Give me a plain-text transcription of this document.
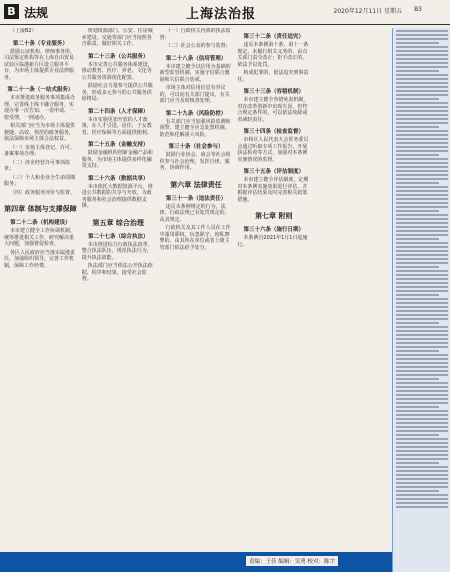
B 法规	上海法治报	2020年12月11日 星期五 B3
（上接B2）
第二十条（专业服务）
鼓励公证机构、律师事务所、司法鉴定机构等在上海自由贸易试验区临港新片区设立服务平台，为市场主体提供专业法律服务。
第二十一条（一站式服务）
本市推进政务服务事项集成办理，完善线上线下融合服务，实现办事一次告知、一表申请、一窗受理、一网通办。
相关部门应当为市场主体提供便捷、高效、规范的政务服务，依法保障市场主体合法权益。
（一）市场主体登记、许可、备案事项办理；
（二）涉企经营许可事项改革；
（三）个人和企业全生命周期服务；
（四）政务服务评价与监督。
第四章 体制与支撑保障
第二十二条（机构建设）
本市建立健全工作协调机制，统筹推进相关工作，研究解决重大问题，加强督促检查。
各区人民政府应当落实属地责任，加强组织领导，完善工作机制，保障工作经费。
规划资源部门、公安、住房城乡建设、交通等部门应当按照各自职责，做好相关工作。
第二十三条（公共服务）
本市完善公共服务体系建设，推动教育、医疗、养老、文化等公共服务资源优化配置。
鼓励社会力量参与提供公共服务，形成多元参与的公共服务供给格局。
第二十四条（人才保障）
本市实施更加开放的人才政策，在人才引进、居住、子女教育、医疗保障等方面提供便利。
第二十五条（金融支持）
鼓励金融机构创新金融产品和服务，为市场主体提供多样化融资支持。
第二十六条（数据共享）
本市依托大数据资源平台，推进公共数据的共享与开放，为政务服务和社会治理提供数据支撑。
第五章 综合治理
第二十七条（综合执法）
本市推进综合行政执法改革，整合执法队伍，规范执法行为，提升执法效能。
执法部门应当依法公开执法依据、程序和结果，接受社会监督。
（一）行政机关内部的执法监督；
（二）社会公众的参与监督；
第二十八条（信用管理）
本市建立健全以信用为基础的新型监管机制，实施守信联合激励和失信联合惩戒。
市场主体对信用信息有异议的，可以向有关部门提出，有关部门应当及时核查处理。
第二十九条（风险防控）
有关部门应当加强风险监测和预警，建立健全应急处置机制，防范和化解重大风险。
第三十条（社会参与）
鼓励行业协会、商会等社会组织参与社会治理，发挥自律、服务、协调作用。
第六章 法律责任
第三十一条（违法责任）
违反本条例规定的行为，法律、行政法规已有处罚规定的，从其规定。
行政机关及其工作人员在工作中滥用职权、玩忽职守、徇私舞弊的，由其所在单位或者上级主管部门依法给予处分。
第三十二条（责任追究）
违反本条例第十条、第十一条规定，未履行相关义务的，由有关部门责令改正；拒不改正的，依法予以处罚。
构成犯罪的，依法追究刑事责任。
第三十三条（容错机制）
本市建立健全容错免责机制，对在改革创新中出现失误，但符合规定条件的，可以依法免除或者减轻责任。
第三十四条（检查监督）
市和区人民代表大会常务委员会通过听取专项工作报告、开展执法检查等方式，加强对本条例实施情况的监督。
第三十五条（评估制度）
本市建立健全评估制度，定期对本条例实施效果进行评估，并根据评估结果及时完善相关政策措施。
第七章 附则
第三十六条（施行日期）
本条例自2021年1月1日起施行。
责编：王佳 编辑：吴勇 校对：陈宇
